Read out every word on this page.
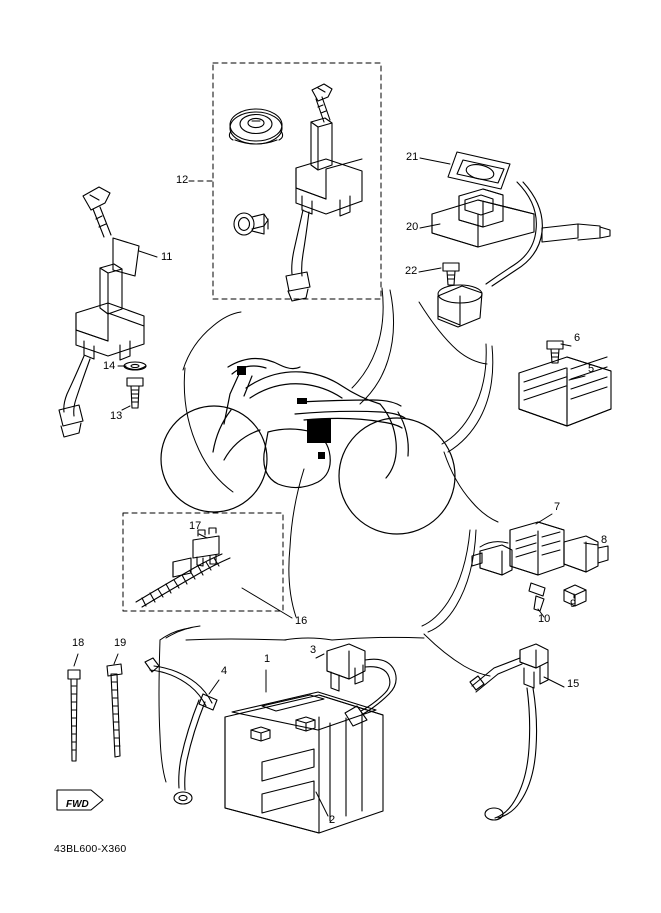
12
11
14
13
21
20
22
6
5
7
8
10
9
17
16
18	19
4
1
3
2
15
FWD
43BL600-X360
